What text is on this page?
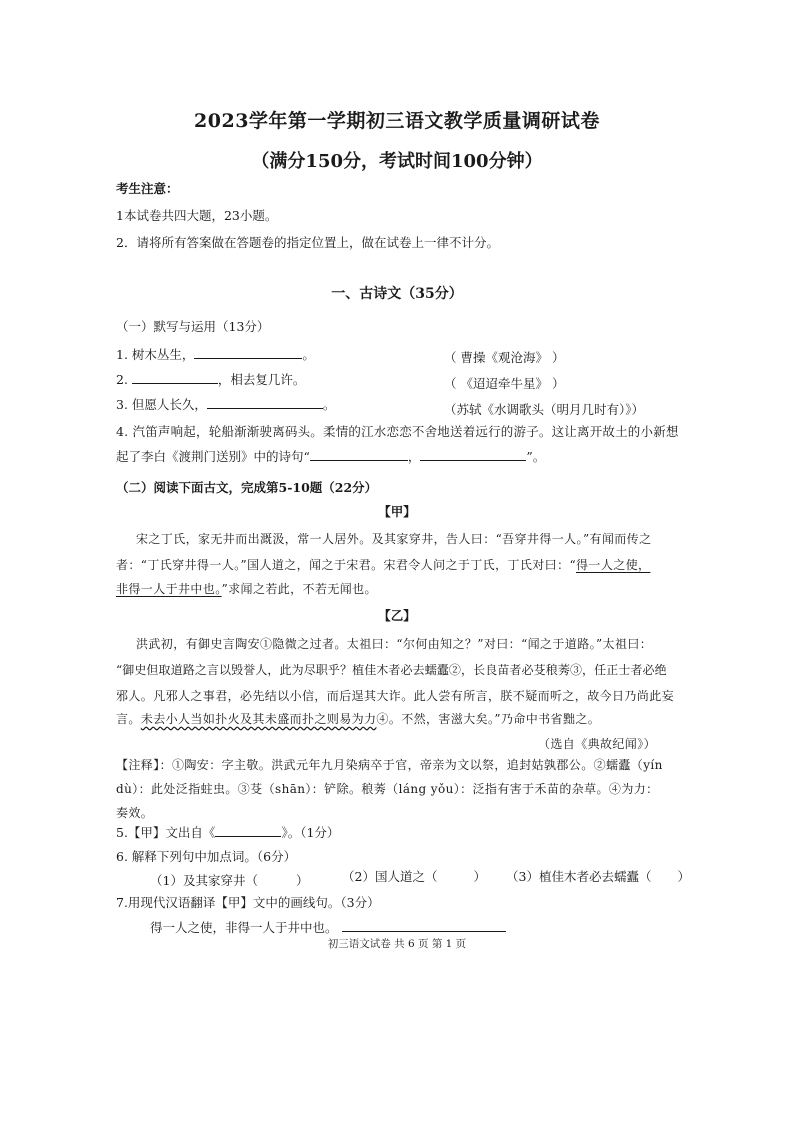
2023学年第一学期初三语文教学质量调研试卷
（满分150分，考试时间100分钟）
考生注意：
1本试卷共四大题，23小题。
2．请将所有答案做在答题卷的指定位置上，做在试卷上一律不计分。
一、古诗文（35分）
（一）默写与运用（13分）
1. 树木丛生，	。	（ 曹操《观沧海》 ）
2.	，相去复几许。	（ 《迢迢牵牛星》 ）
3. 但愿人长久，	。	（苏轼《水调歌头（明月几时有）》）
4. 汽笛声响起，轮船渐渐驶离码头。柔情的江水恋恋不舍地送着远行的游子。这让离开故土的小新想
起了李白《渡荆门送别》中的诗句“	，	”。
（二）阅读下面古文，完成第5-10题（22分）
【甲】
宋之丁氏，家无井而出溉汲，常一人居外。及其家穿井，告人曰：“吾穿井得一人。”有闻而传之
者：“丁氏穿井得一人。”国人道之，闻之于宋君。宋君令人问之于丁氏，丁氏对曰：“得一人之使，
非得一人于井中也。”求闻之若此，不若无闻也。
【乙】
洪武初，有御史言陶安①隐微之过者。太祖曰：“尔何由知之？”对曰：“闻之于道路。”太祖曰：
“御史但取道路之言以毁誉人，此为尽职乎？植佳木者必去蠕蠹②，长良苗者必芟稂莠③，任正士者必绝
邪人。凡邪人之事君，必先结以小信，而后逞其大诈。此人尝有所言，朕不疑而听之，故今日乃尚此妄
言。未去小人当如扑火及其未盛而扑之则易为力④。不然，害滋大矣。”乃命中书省黜之。
（选自《典故纪闻》）
【注释】：①陶安：字主敬。洪武元年九月染病卒于官，帝亲为文以祭，追封姑孰郡公。②蠕蠹（yín
dù）：此处泛指蛀虫。③芟（shān）：铲除。稂莠（láng yǒu）：泛指有害于禾苗的杂草。④为力：
奏效。
5.【甲】文出自《	》。（1分）
6. 解释下列句中加点词。（6分）
（1）及其家穿井（	）	（2）国人道之（	） （3）植佳木者必去蠕蠹（ ）
7.用现代汉语翻译【甲】文中的画线句。（3分）
得一人之使，非得一人于井中也。
初三语文试卷 共 6 页 第 1 页
